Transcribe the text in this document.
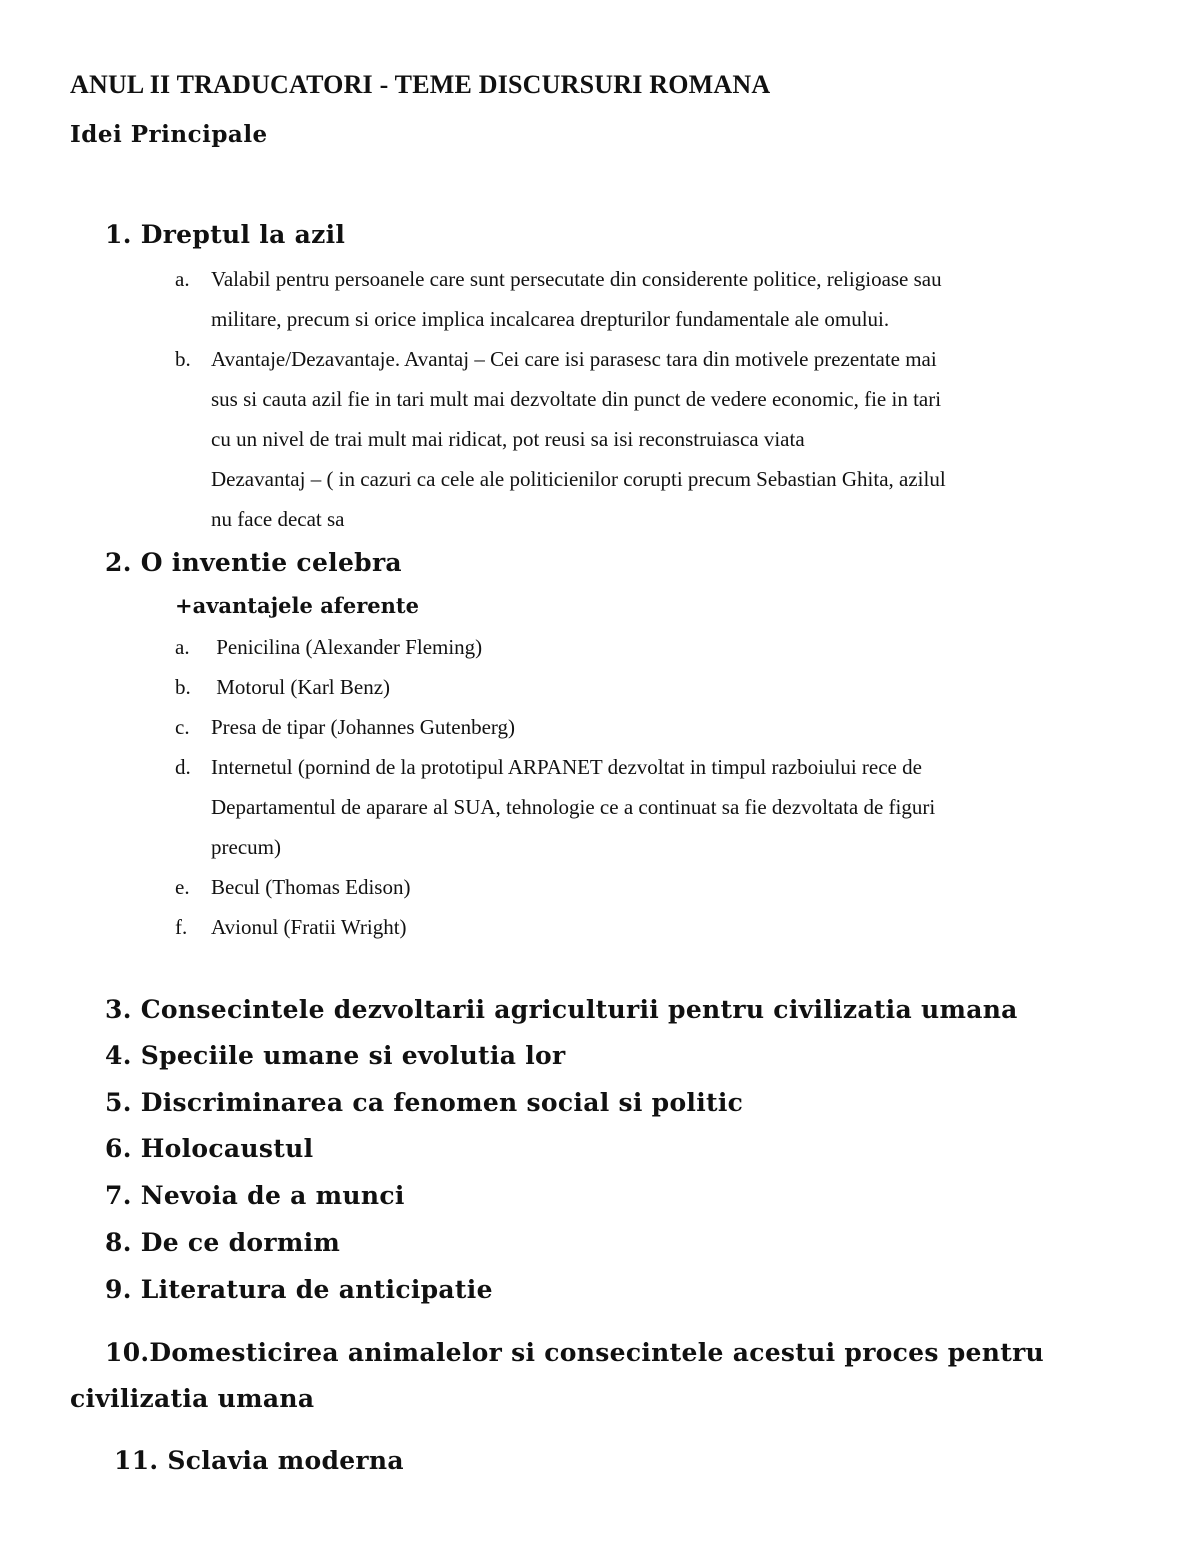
ANUL II TRADUCATORI - TEME DISCURSURI ROMANA
Idei Principale
1. Dreptul la azil
a. Valabil pentru persoanele care sunt persecutate din considerente politice, religioase sau
militare, precum si orice implica incalcarea drepturilor fundamentale ale omului.
b. Avantaje/Dezavantaje. Avantaj – Cei care isi parasesc tara din motivele prezentate mai
sus si cauta azil fie in tari mult mai dezvoltate din punct de vedere economic, fie in tari
cu un nivel de trai mult mai ridicat, pot reusi sa isi reconstruiasca viata
Dezavantaj – ( in cazuri ca cele ale politicienilor corupti precum Sebastian Ghita, azilul
nu face decat sa
2. O inventie celebra
+avantajele aferente
a. Penicilina (Alexander Fleming)
b. Motorul (Karl Benz)
c. Presa de tipar (Johannes Gutenberg)
d. Internetul (pornind de la prototipul ARPANET dezvoltat in timpul razboiului rece de
Departamentul de aparare al SUA, tehnologie ce a continuat sa fie dezvoltata de figuri
precum)
e. Becul (Thomas Edison)
f. Avionul (Fratii Wright)
3. Consecintele dezvoltarii agriculturii pentru civilizatia umana
4. Speciile umane si evolutia lor
5. Discriminarea ca fenomen social si politic
6. Holocaustul
7. Nevoia de a munci
8. De ce dormim
9. Literatura de anticipatie
10.Domesticirea animalelor si consecintele acestui proces pentru
civilizatia umana
11. Sclavia moderna
